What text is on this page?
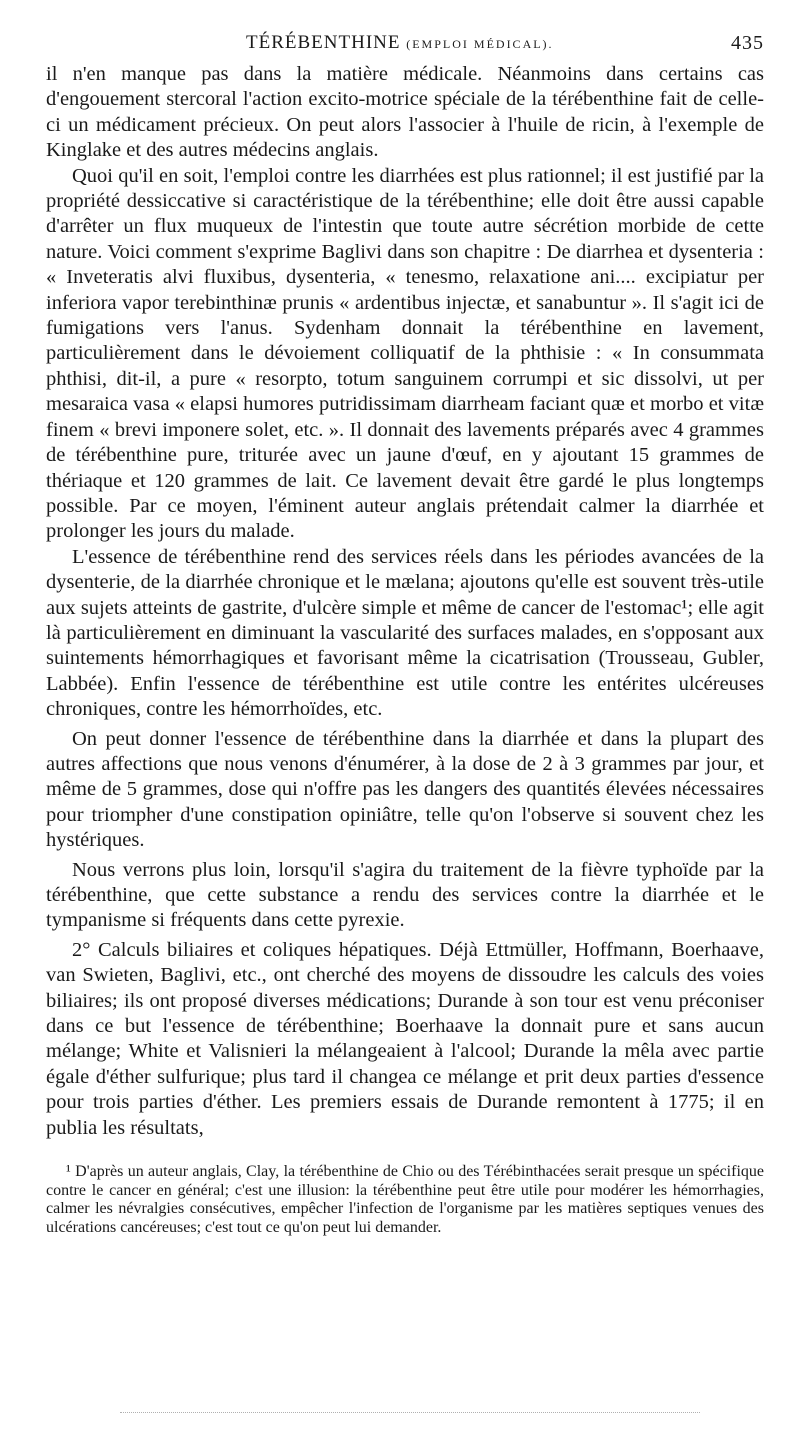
TÉRÉBENTHINE (EMPLOI MÉDICAL).	435

il n'en manque pas dans la matière médicale. Néanmoins dans certains cas d'engouement stercoral l'action excito-motrice spéciale de la térébenthine fait de celle-ci un médicament précieux. On peut alors l'associer à l'huile de ricin, à l'exemple de Kinglake et des autres médecins anglais.

Quoi qu'il en soit, l'emploi contre les diarrhées est plus rationnel; il est justifié par la propriété dessiccative si caractéristique de la térébenthine; elle doit être aussi capable d'arrêter un flux muqueux de l'intestin que toute autre sécrétion morbide de cette nature. Voici comment s'exprime Baglivi dans son chapitre : De diarrhea et dysenteria : « Inveteratis alvi fluxibus, dysenteria, « tenesmo, relaxatione ani.... excipiatur per inferiora vapor terebinthinæ prunis « ardentibus injectæ, et sanabuntur ». Il s'agit ici de fumigations vers l'anus. Sydenham donnait la térébenthine en lavement, particulièrement dans le dévoiement colliquatif de la phthisie : « In consummata phthisi, dit-il, a pure « resorpto, totum sanguinem corrumpi et sic dissolvi, ut per mesaraica vasa « elapsi humores putridissimam diarrheam faciant quæ et morbo et vitæ finem « brevi imponere solet, etc. ». Il donnait des lavements préparés avec 4 grammes de térébenthine pure, triturée avec un jaune d'œuf, en y ajoutant 15 grammes de thériaque et 120 grammes de lait. Ce lavement devait être gardé le plus longtemps possible. Par ce moyen, l'éminent auteur anglais prétendait calmer la diarrhée et prolonger les jours du malade.

L'essence de térébenthine rend des services réels dans les périodes avancées de la dysenterie, de la diarrhée chronique et le mælana; ajoutons qu'elle est souvent très-utile aux sujets atteints de gastrite, d'ulcère simple et même de cancer de l'estomac¹; elle agit là particulièrement en diminuant la vascularité des surfaces malades, en s'opposant aux suintements hémorrhagiques et favorisant même la cicatrisation (Trousseau, Gubler, Labbée). Enfin l'essence de térébenthine est utile contre les entérites ulcéreuses chroniques, contre les hémorrhoïdes, etc.

On peut donner l'essence de térébenthine dans la diarrhée et dans la plupart des autres affections que nous venons d'énumérer, à la dose de 2 à 3 grammes par jour, et même de 5 grammes, dose qui n'offre pas les dangers des quantités élevées nécessaires pour triompher d'une constipation opiniâtre, telle qu'on l'observe si souvent chez les hystériques.

Nous verrons plus loin, lorsqu'il s'agira du traitement de la fièvre typhoïde par la térébenthine, que cette substance a rendu des services contre la diarrhée et le tympanisme si fréquents dans cette pyrexie.

2° Calculs biliaires et coliques hépatiques. Déjà Ettmüller, Hoffmann, Boerhaave, van Swieten, Baglivi, etc., ont cherché des moyens de dissoudre les calculs des voies biliaires; ils ont proposé diverses médications; Durande à son tour est venu préconiser dans ce but l'essence de térébenthine; Boerhaave la donnait pure et sans aucun mélange; White et Valisnieri la mélangeaient à l'alcool; Durande la mêla avec partie égale d'éther sulfurique; plus tard il changea ce mélange et prit deux parties d'essence pour trois parties d'éther. Les premiers essais de Durande remontent à 1775; il en publia les résultats,

¹ D'après un auteur anglais, Clay, la térébenthine de Chio ou des Térébinthacées serait presque un spécifique contre le cancer en général; c'est une illusion: la térébenthine peut être utile pour modérer les hémorrhagies, calmer les névralgies consécutives, empêcher l'infection de l'organisme par les matières septiques venues des ulcérations cancéreuses; c'est tout ce qu'on peut lui demander.
